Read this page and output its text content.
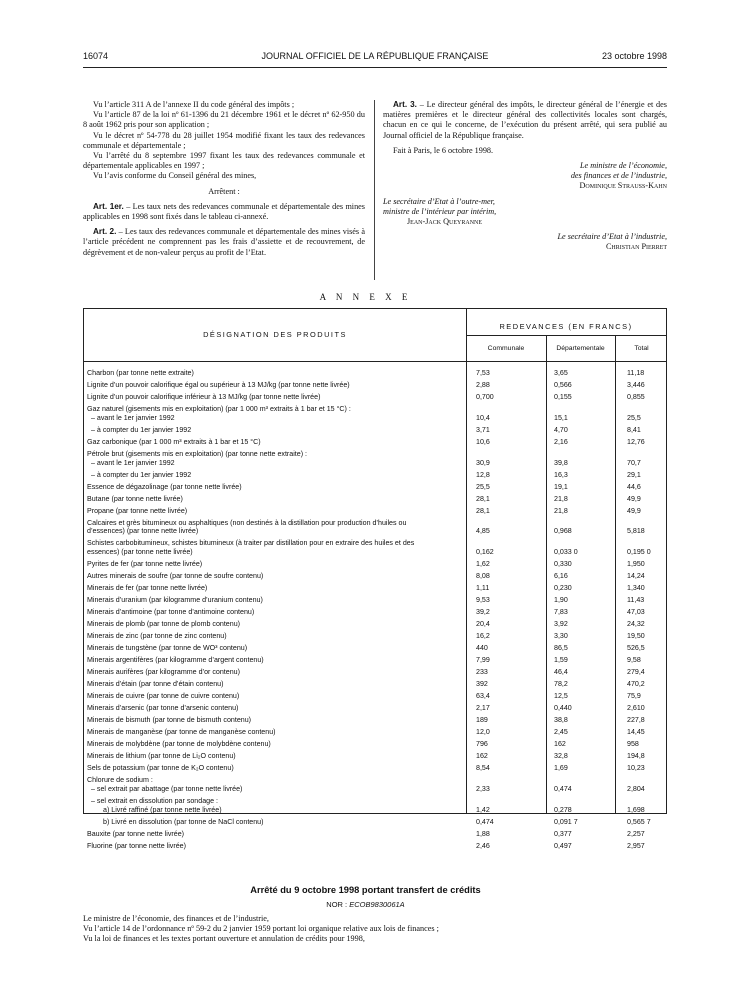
16074	JOURNAL OFFICIEL DE LA RÉPUBLIQUE FRANÇAISE	23 octobre 1998

Vu l’article 311 A de l’annexe II du code général des impôts ;

Vu l’article 87 de la loi nº 61-1396 du 21 décembre 1961 et le décret nº 62-950 du 8 août 1962 pris pour son application ;

Vu le décret nº 54-778 du 28 juillet 1954 modifié fixant les taux des redevances communale et départementale ;

Vu l’arrêté du 8 septembre 1997 fixant les taux des redevances communale et départementale applicables en 1997 ;

Vu l’avis conforme du Conseil général des mines,

Arrêtent :

Art. 1er. – Les taux nets des redevances communale et départementale des mines applicables en 1998 sont fixés dans le tableau ci-annexé.

Art. 2. – Les taux des redevances communale et départementale des mines visés à l’article précédent ne comprennent pas les frais d’assiette et de recouvrement, de dégrèvement et de non-valeur perçus au profit de l’Etat.

Art. 3. – Le directeur général des impôts, le directeur général de l’énergie et des matières premières et le directeur général des collectivités locales sont chargés, chacun en ce qui le concerne, de l’exécution du présent arrêté, qui sera publié au Journal officiel de la République française.

Fait à Paris, le 6 octobre 1998.

Le ministre de l’économie,

des finances et de l’industrie,

Dominique Strauss-Kahn

Le secrétaire d’Etat à l’outre-mer,

ministre de l’intérieur par intérim,

Jean-Jack Queyranne

Le secrétaire d’Etat à l’industrie,

Christian Pierret

A N N E X E
DÉSIGNATION DES PRODUITS
REDEVANCES (EN FRANCS)
Communale	Départementale	Total
Charbon (par tonne nette extraite)	7,53	3,65	11,18
Lignite d’un pouvoir calorifique égal ou supérieur à 13 MJ/kg (par tonne nette livrée)	2,88	0,566	3,446
Lignite d’un pouvoir calorifique inférieur à 13 MJ/kg (par tonne nette livrée)	0,700	0,155	0,855
Gaz naturel (gisements mis en exploitation) (par 1 000 m³ extraits à 1 bar et 15 °C) :
– avant le 1er janvier 1992	10,4	15,1	25,5
– à compter du 1er janvier 1992	3,71	4,70	8,41
Gaz carbonique (par 1 000 m³ extraits à 1 bar et 15 °C)	10,6	2,16	12,76
Pétrole brut (gisements mis en exploitation) (par tonne nette extraite) :
– avant le 1er janvier 1992	30,9	39,8	70,7
– à compter du 1er janvier 1992	12,8	16,3	29,1
Essence de dégazolinage (par tonne nette livrée)	25,5	19,1	44,6
Butane (par tonne nette livrée)	28,1	21,8	49,9
Propane (par tonne nette livrée)	28,1	21,8	49,9
Calcaires et grès bitumineux ou asphaltiques (non destinés à la distillation pour production d’huiles ou
d’essences) (par tonne nette livrée)	4,85	0,968	5,818
Schistes carbobitumineux, schistes bitumineux (à traiter par distillation pour en extraire des huiles et des
essences) (par tonne nette livrée)	0,162	0,033 0	0,195 0
Pyrites de fer (par tonne nette livrée)	1,62	0,330	1,950
Autres minerais de soufre (par tonne de soufre contenu)	8,08	6,16	14,24
Minerais de fer (par tonne nette livrée)	1,11	0,230	1,340
Minerais d’uranium (par kilogramme d’uranium contenu)	9,53	1,90	11,43
Minerais d’antimoine (par tonne d’antimoine contenu)	39,2	7,83	47,03
Minerais de plomb (par tonne de plomb contenu)	20,4	3,92	24,32
Minerais de zinc (par tonne de zinc contenu)	16,2	3,30	19,50
Minerais de tungstène (par tonne de WO³ contenu)	440	86,5	526,5
Minerais argentifères (par kilogramme d’argent contenu)	7,99	1,59	9,58
Minerais aurifères (par kilogramme d’or contenu)	233	46,4	279,4
Minerais d’étain (par tonne d’étain contenu)	392	78,2	470,2
Minerais de cuivre (par tonne de cuivre contenu)	63,4	12,5	75,9
Minerais d’arsenic (par tonne d’arsenic contenu)	2,17	0,440	2,610
Minerais de bismuth (par tonne de bismuth contenu)	189	38,8	227,8
Minerais de manganèse (par tonne de manganèse contenu)	12,0	2,45	14,45
Minerais de molybdène (par tonne de molybdène contenu)	796	162	958
Minerais de lithium (par tonne de Li₂O contenu)	162	32,8	194,8
Sels de potassium (par tonne de K₂O contenu)	8,54	1,69	10,23
Chlorure de sodium :
– sel extrait par abattage (par tonne nette livrée)	2,33	0,474	2,804
– sel extrait en dissolution par sondage :
a) Livré raffiné (par tonne nette livrée)	1,42	0,278	1,698
b) Livré en dissolution (par tonne de NaCl contenu)	0,474	0,091 7	0,565 7
Bauxite (par tonne nette livrée)	1,88	0,377	2,257
Fluorine (par tonne nette livrée)	2,46	0,497	2,957
Arrêté du 9 octobre 1998 portant transfert de crédits
NOR : ECOB9830061A

Le ministre de l’économie, des finances et de l’industrie,

Vu l’article 14 de l’ordonnance nº 59-2 du 2 janvier 1959 portant loi organique relative aux lois de finances ;

Vu la loi de finances et les textes portant ouverture et annulation de crédits pour 1998,
